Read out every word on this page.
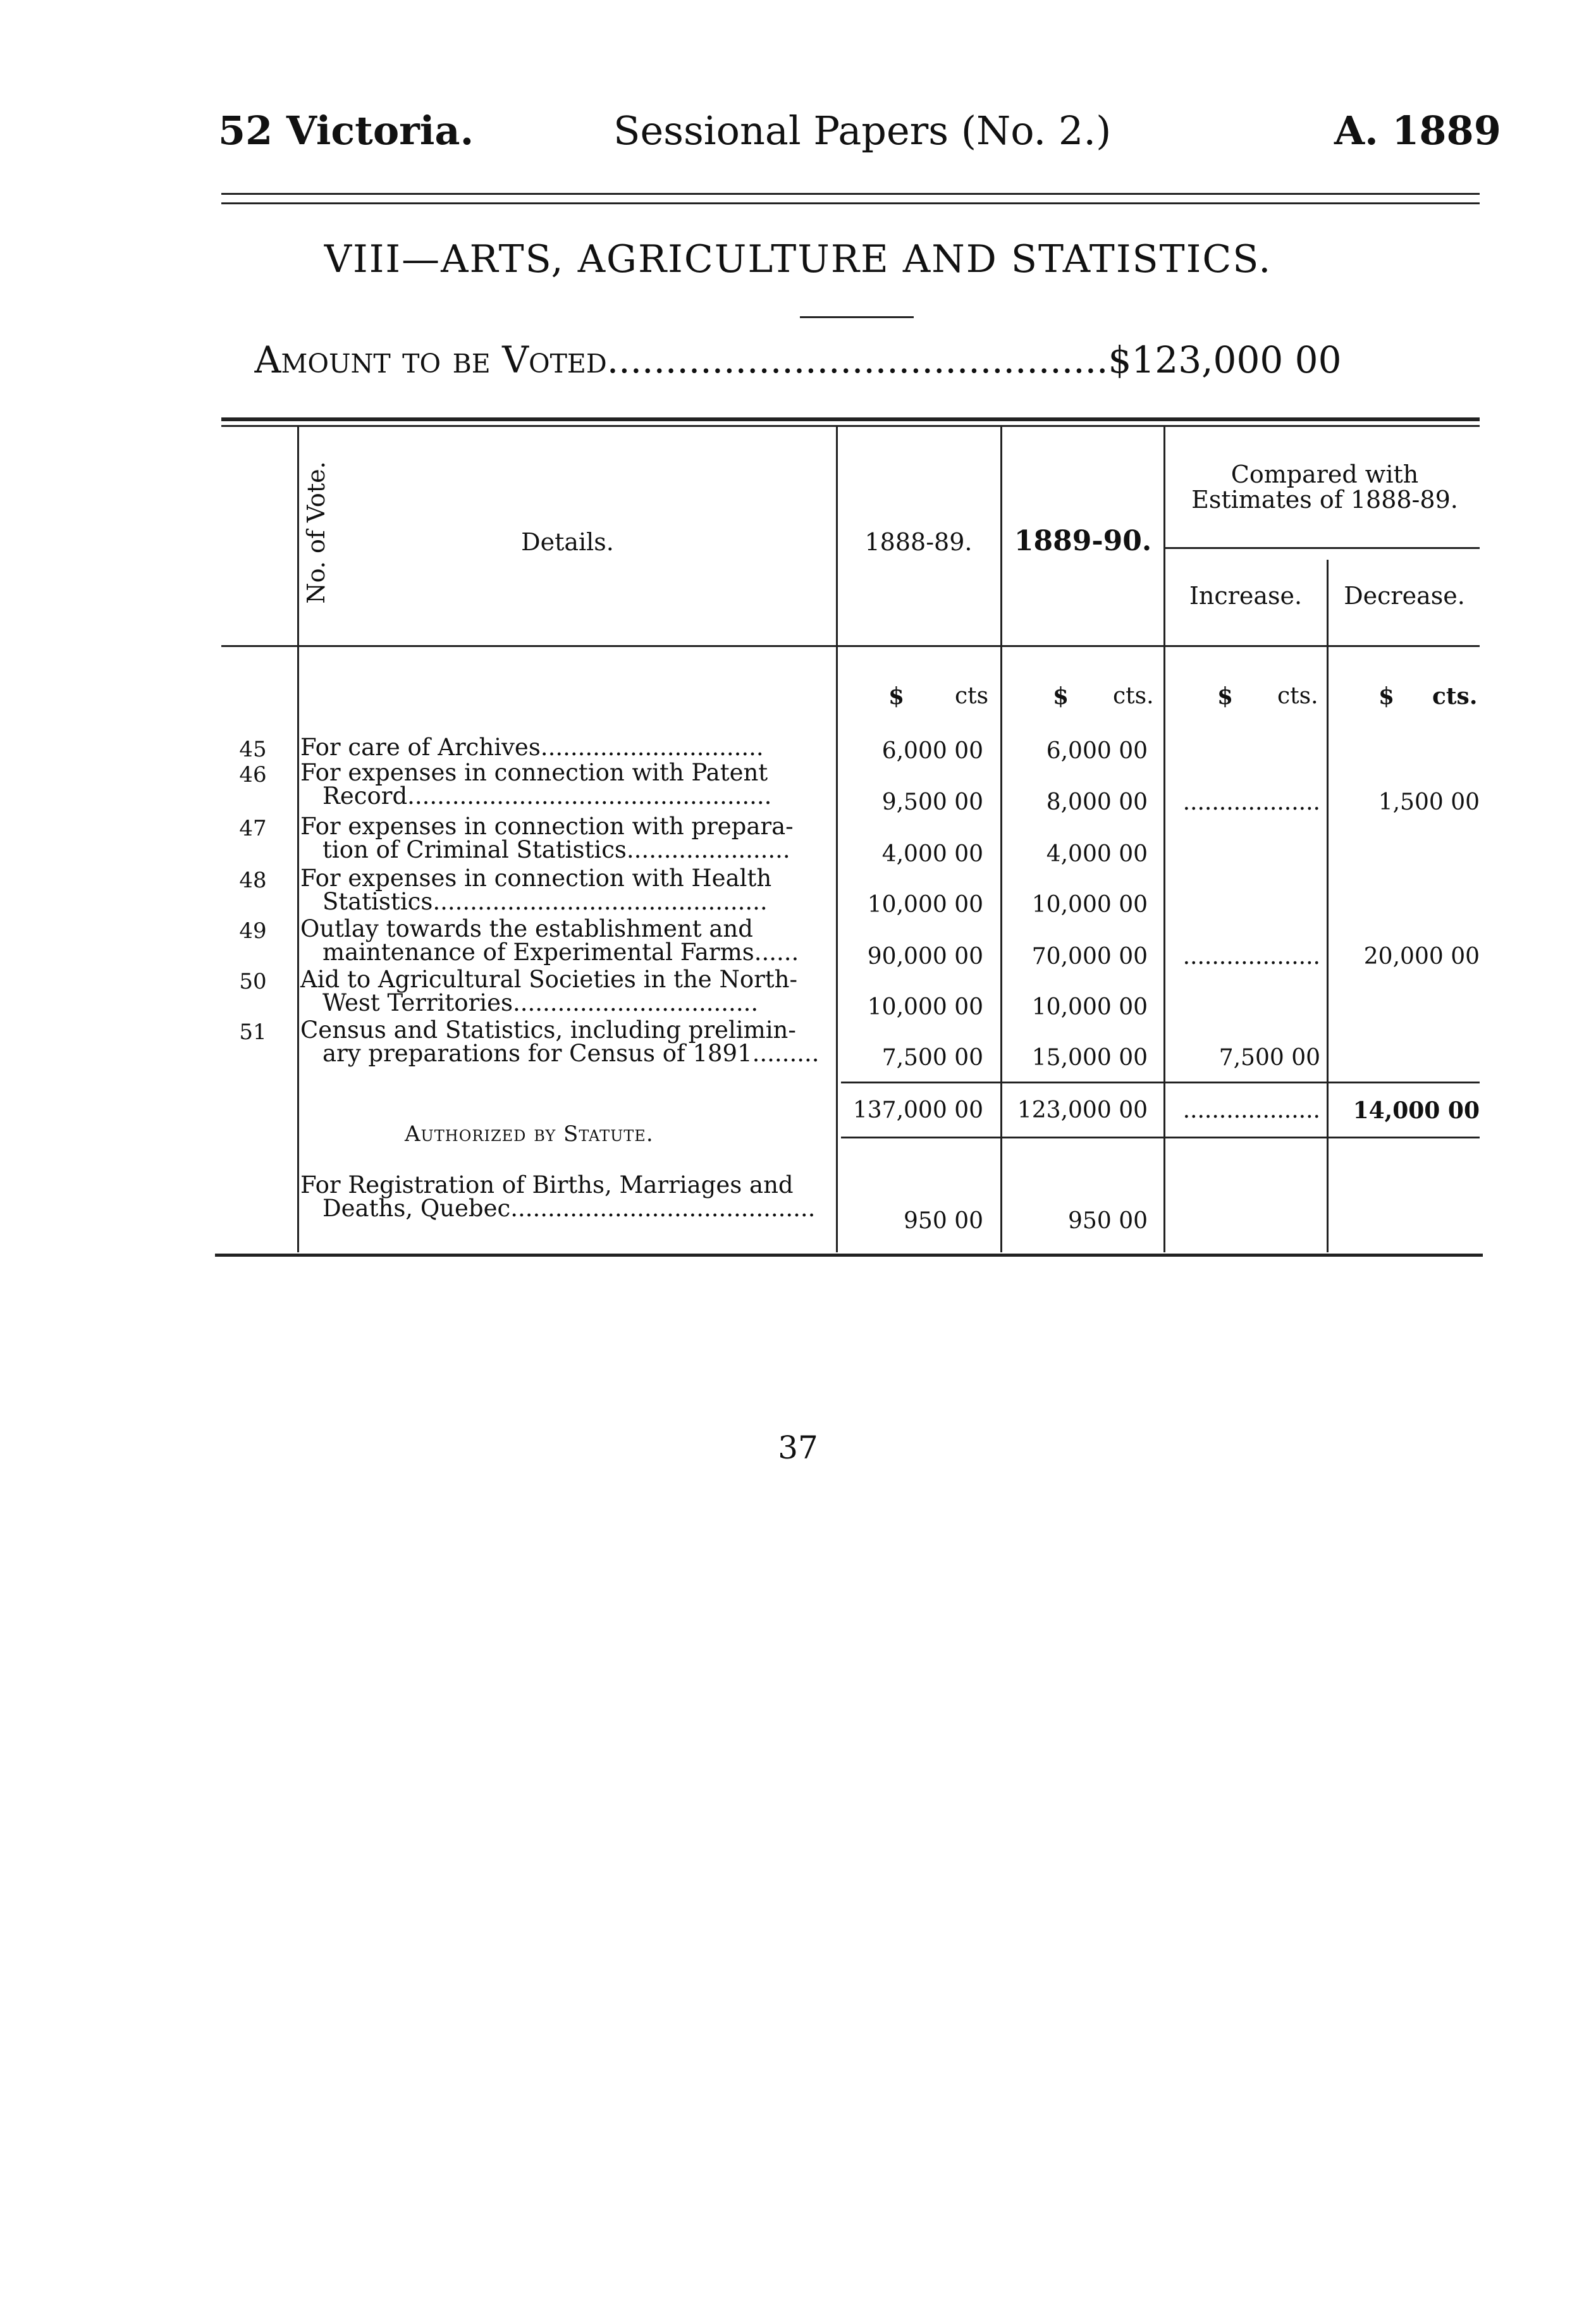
52 Victoria.	Sessional Papers (No. 2.)	A. 1889
VIII—ARTS, AGRICULTURE AND STATISTICS.
Amount to be Voted...........................................$123,000 00
No. of Vote.	Details.	1888-89.	1889-90.
Compared with Estimates of 1888-89.
Increase.	Decrease.
$ cts	$ cts.	$ cts.	$ cts.
45 For care of Archives..............................	6,000 00	6,000 00
46 For expenses in connection with Patent
Record.................................................	9,500 00	8,000 00	...................	1,500 00
47 For expenses in connection with prepara-
tion of Criminal Statistics......................	4,000 00	4,000 00
48 For expenses in connection with Health
Statistics.............................................	10,000 00	10,000 00
49 Outlay towards the establishment and
maintenance of Experimental Farms......	90,000 00	70,000 00	...................	20,000 00
50 Aid to Agricultural Societies in the North-
West Territories.................................	10,000 00	10,000 00
51 Census and Statistics, including prelimin-
ary preparations for Census of 1891.........	7,500 00	15,000 00	7,500 00
137,000 00	123,000 00	...................	14,000 00
Authorized by Statute.
For Registration of Births, Marriages and
Deaths, Quebec.........................................	950 00	950 00
37
